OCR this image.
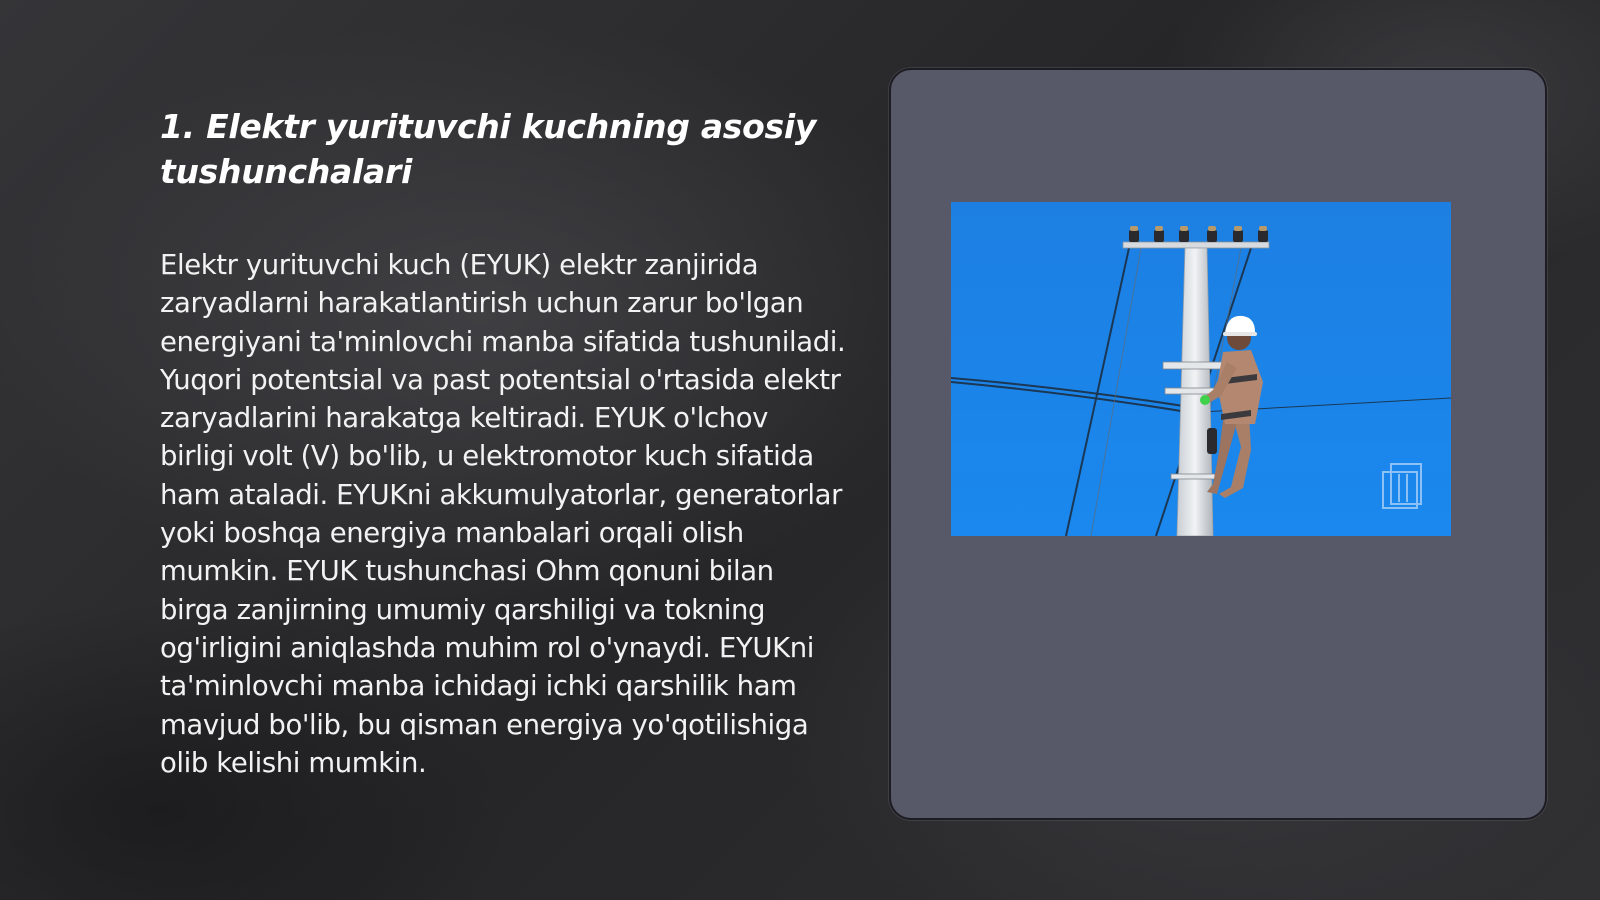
1. Elektr yurituvchi kuchning asosiy tushunchalari

Elektr yurituvchi kuch (EYUK) elektr zanjirida zaryadlarni harakatlantirish uchun zarur bo'lgan energiyani ta'minlovchi manba sifatida tushuniladi. Yuqori potentsial va past potentsial o'rtasida elektr zaryadlarini harakatga keltiradi. EYUK o'lchov birligi volt (V) bo'lib, u elektromotor kuch sifatida ham ataladi. EYUKni akkumulyatorlar, generatorlar yoki boshqa energiya manbalari orqali olish mumkin. EYUK tushunchasi Ohm qonuni bilan birga zanjirning umumiy qarshiligi va tokning og'irligini aniqlashda muhim rol o'ynaydi. EYUKni ta'minlovchi manba ichidagi ichki qarshilik ham mavjud bo'lib, bu qisman energiya yo'qotilishiga olib kelishi mumkin.
